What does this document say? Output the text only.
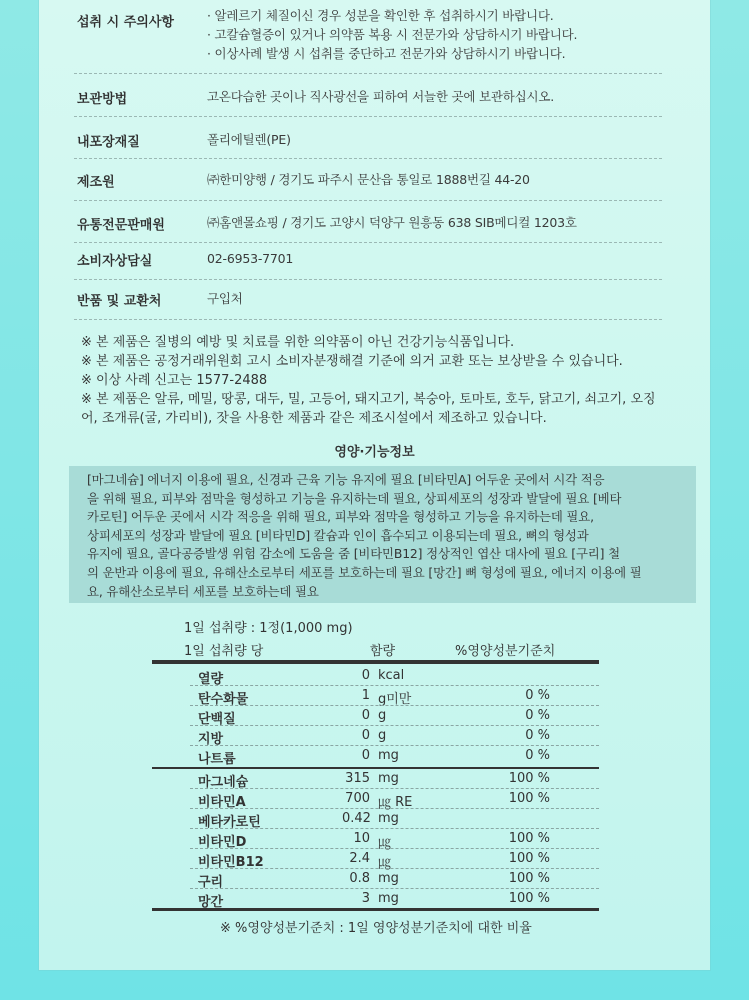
섭취 시 주의사항	· 알레르기 체질이신 경우 성분을 확인한 후 섭취하시기 바랍니다.
· 고칼슘혈증이 있거나 의약품 복용 시 전문가와 상담하시기 바랍니다.
· 이상사례 발생 시 섭취를 중단하고 전문가와 상담하시기 바랍니다.
보관방법	고온다습한 곳이나 직사광선을 피하여 서늘한 곳에 보관하십시오.
내포장재질	폴리에틸렌(PE)
제조원	㈜한미양행 / 경기도 파주시 문산읍 통일로 1888번길 44-20
유통전문판매원	㈜홈앤몰쇼핑 / 경기도 고양시 덕양구 원흥동 638 SIB메디컬 1203호
소비자상담실	02-6953-7701
반품 및 교환처	구입처
※ 본 제품은 질병의 예방 및 치료를 위한 의약품이 아닌 건강기능식품입니다.
※ 본 제품은 공정거래위원회 고시 소비자분쟁해결 기준에 의거 교환 또는 보상받을 수 있습니다.
※ 이상 사례 신고는 1577-2488
※ 본 제품은 알류, 메밀, 땅콩, 대두, 밀, 고등어, 돼지고기, 복숭아, 토마토, 호두, 닭고기, 쇠고기, 오징
어, 조개류(굴, 가리비), 잣을 사용한 제품과 같은 제조시설에서 제조하고 있습니다.
영양·기능정보
[마그네슘] 에너지 이용에 필요, 신경과 근육 기능 유지에 필요 [비타민A] 어두운 곳에서 시각 적응
을 위해 필요, 피부와 점막을 형성하고 기능을 유지하는데 필요, 상피세포의 성장과 발달에 필요 [베타
카로틴] 어두운 곳에서 시각 적응을 위해 필요, 피부와 점막을 형성하고 기능을 유지하는데 필요,
상피세포의 성장과 발달에 필요 [비타민D] 칼슘과 인이 흡수되고 이용되는데 필요, 뼈의 형성과
유지에 필요, 골다공증발생 위험 감소에 도움을 줌 [비타민B12] 정상적인 엽산 대사에 필요 [구리] 철
의 운반과 이용에 필요, 유해산소로부터 세포를 보호하는데 필요 [망간] 뼈 형성에 필요, 에너지 이용에 필
요, 유해산소로부터 세포를 보호하는데 필요
1일 섭취량 : 1정(1,000 mg)
1일 섭취량 당	함량	%영양성분기준치
열량	0 kcal
탄수화물	1 g미만	0 %
단백질	0 g	0 %
지방	0 g	0 %
나트륨	0 mg	0 %
마그네슘	315 mg	100 %
비타민A	700 ㎍ RE	100 %
베타카로틴	0.42 mg
비타민D	10 ㎍	100 %
비타민B12	2.4 ㎍	100 %
구리	0.8 mg	100 %
망간	3 mg	100 %
※ %영양성분기준치 : 1일 영양성분기준치에 대한 비율
